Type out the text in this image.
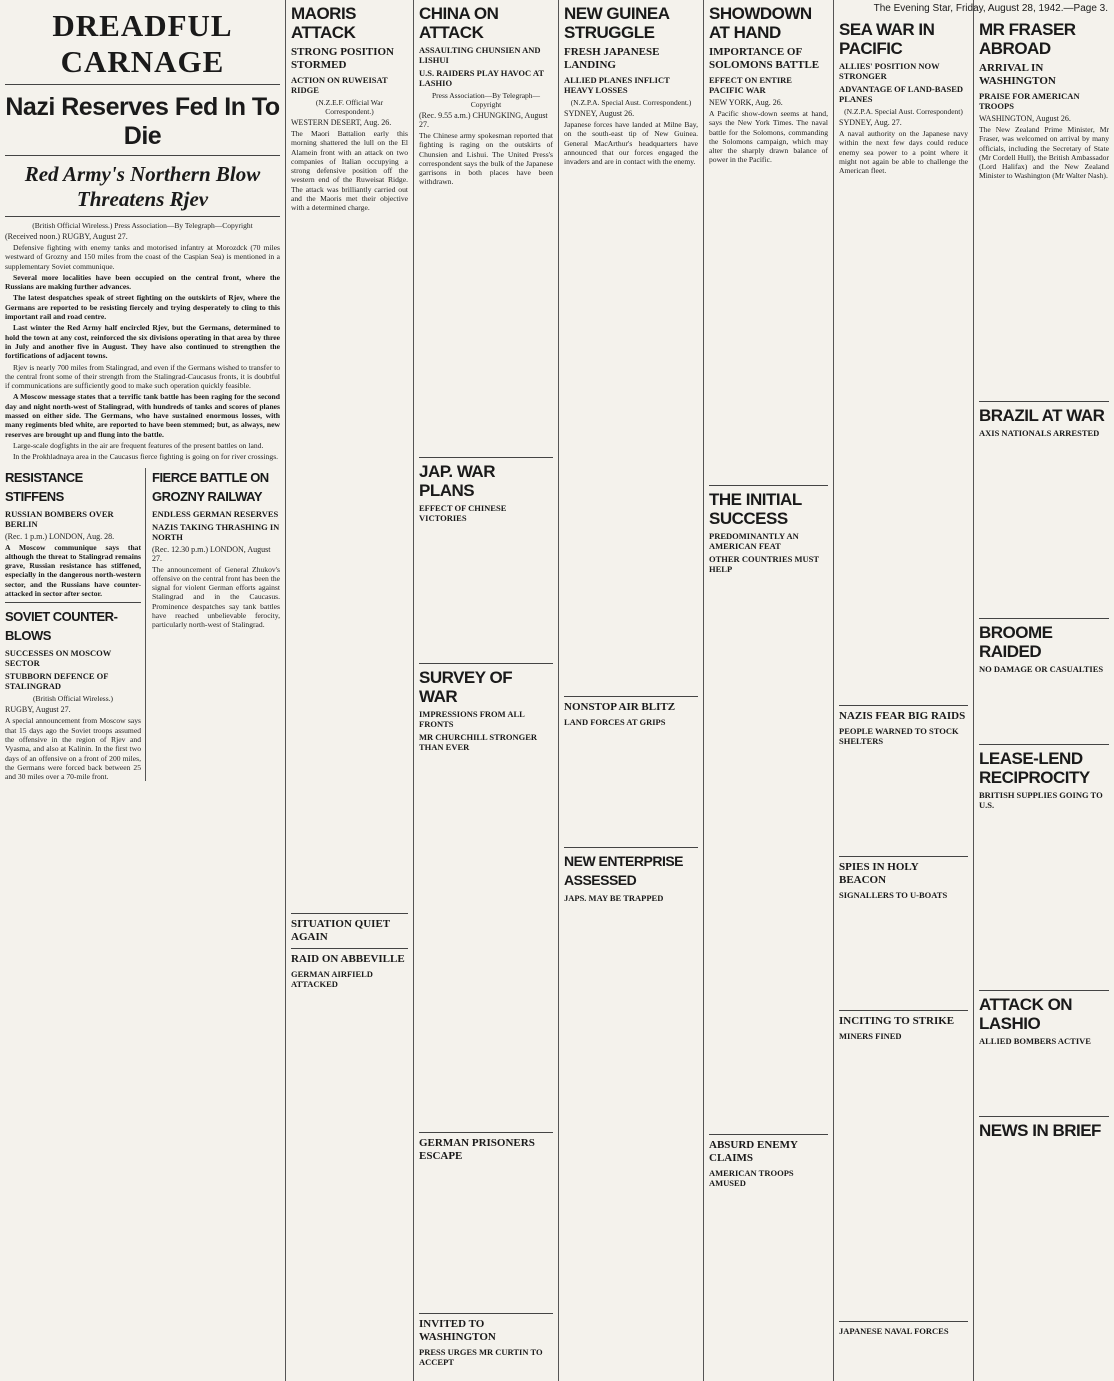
DREADFUL CARNAGE
Nazi Reserves Fed In To Die
Red Army's Northern Blow Threatens Rjev
(British Official Wireless.) Press Association—By Telegraph—Copyright
(Received noon.) RUGBY, August 27.

Defensive fighting with enemy tanks and motorised infantry at Morozdck (70 miles westward of Grozny and 150 miles from the coast of the Caspian Sea) is mentioned in a supplementary Soviet communique.

Several more localities have been occupied on the central front, where the Russians are making further advances.

The latest despatches speak of street fighting on the outskirts of Rjev, where the Germans are reported to be resisting fiercely and trying desperately to cling to this important rail and road centre.

Last winter the Red Army half encircled Rjev, but the Germans, determined to hold the town at any cost, reinforced the six divisions operating in that area by three in July and another five in August. They have also continued to strengthen the fortifications of adjacent towns.

Rjev is nearly 700 miles from Stalingrad, and even if the Germans wished to transfer to the central front some of their strength from the Stalingrad-Caucasus fronts, it is doubtful if communications are sufficiently good to make such operation quickly feasible.

A Moscow message states that a terrific tank battle has been raging for the second day and night north-west of Stalingrad, with hundreds of tanks and scores of planes massed on either side. The Germans, who have sustained enormous losses, with many regiments bled white, are reported to have been stemmed; but, as always, new reserves are brought up and flung into the battle.

Large-scale dogfights in the air are frequent features of the present battles on land.

In the Prokhladnaya area in the Caucasus fierce fighting is going on for river crossings.

RESISTANCE STIFFENS
RUSSIAN BOMBERS OVER BERLIN
(Rec. 1 p.m.) LONDON, Aug. 28.
A Moscow communique says that although the threat to Stalingrad remains grave, Russian resistance has stiffened, especially in the dangerous north-western sector, and the Russians have counter-attacked in sector after sector.
SOVIET COUNTER-BLOWS
SUCCESSES ON MOSCOW SECTOR
STUBBORN DEFENCE OF STALINGRAD
(British Official Wireless.)
RUGBY, August 27.
A special announcement from Moscow says that 15 days ago the Soviet troops assumed the offensive in the region of Rjev and Vyasma, and also at Kalinin. In the first two days of an offensive on a front of 200 miles, the Germans were forced back between 25 and 30 miles over a 70-mile front.
FIERCE BATTLE ON GROZNY RAILWAY
ENDLESS GERMAN RESERVES
NAZIS TAKING THRASHING IN NORTH
(Rec. 12.30 p.m.) LONDON, August 27.
The announcement of General Zhukov's offensive on the central front has been the signal for violent German efforts against Stalingrad and in the Caucasus. Prominence despatches say tank battles have reached unbelievable ferocity, particularly north-west of Stalingrad.
MAORIS ATTACK
STRONG POSITION STORMED
ACTION ON RUWEISAT RIDGE
(N.Z.E.F. Official War Correspondent.)
WESTERN DESERT, Aug. 26.
The Maori Battalion early this morning shattered the lull on the El Alamein front with an attack on two companies of Italian occupying a strong defensive position off the western end of the Ruweisat Ridge. The attack was brilliantly carried out and the Maoris met their objective with a determined charge.
SITUATION QUIET AGAIN
RAID ON ABBEVILLE
GERMAN AIRFIELD ATTACKED
CHINA ON ATTACK
ASSAULTING CHUNSIEN AND LISHUI
U.S. RAIDERS PLAY HAVOC AT LASHIO
Press Association—By Telegraph—Copyright
(Rec. 9.55 a.m.) CHUNGKING, August 27.
The Chinese army spokesman reported that fighting is raging on the outskirts of Chunsien and Lishui. The United Press's correspondent says the bulk of the Japanese garrisons in both places have been withdrawn.
JAP. WAR PLANS
EFFECT OF CHINESE VICTORIES
SURVEY OF WAR
IMPRESSIONS FROM ALL FRONTS
MR CHURCHILL STRONGER THAN EVER
GERMAN PRISONERS ESCAPE
INVITED TO WASHINGTON
PRESS URGES MR CURTIN TO ACCEPT
NEW GUINEA STRUGGLE
FRESH JAPANESE LANDING
ALLIED PLANES INFLICT HEAVY LOSSES
(N.Z.P.A. Special Aust. Correspondent.)
SYDNEY, August 26.
Japanese forces have landed at Milne Bay, on the south-east tip of New Guinea. General MacArthur's headquarters have announced that our forces engaged the invaders and are in contact with the enemy.
NONSTOP AIR BLITZ
LAND FORCES AT GRIPS
NEW ENTERPRISE ASSESSED
JAPS. MAY BE TRAPPED
SHOWDOWN AT HAND
IMPORTANCE OF SOLOMONS BATTLE
EFFECT ON ENTIRE PACIFIC WAR
NEW YORK, Aug. 26.
A Pacific show-down seems at hand, says the New York Times. The naval battle for the Solomons, commanding the Solomons campaign, which may alter the sharply drawn balance of power in the Pacific.
THE INITIAL SUCCESS
PREDOMINANTLY AN AMERICAN FEAT
OTHER COUNTRIES MUST HELP
ABSURD ENEMY CLAIMS
AMERICAN TROOPS AMUSED
The Evening Star, Friday, August 28, 1942.—Page 3.
SEA WAR IN PACIFIC
ALLIES' POSITION NOW STRONGER
ADVANTAGE OF LAND-BASED PLANES
(N.Z.P.A. Special Aust. Correspondent)
SYDNEY, Aug. 27.
A naval authority on the Japanese navy within the next few days could reduce enemy sea power to a point where it might not again be able to challenge the American fleet.
NAZIS FEAR BIG RAIDS
PEOPLE WARNED TO STOCK SHELTERS
SPIES IN HOLY BEACON
SIGNALLERS TO U-BOATS
INCITING TO STRIKE
MINERS FINED
JAPANESE NAVAL FORCES
MR FRASER ABROAD
ARRIVAL IN WASHINGTON
PRAISE FOR AMERICAN TROOPS
WASHINGTON, August 26.
The New Zealand Prime Minister, Mr Fraser, was welcomed on arrival by many officials, including the Secretary of State (Mr Cordell Hull), the British Ambassador (Lord Halifax) and the New Zealand Minister to Washington (Mr Walter Nash).
BRAZIL AT WAR
AXIS NATIONALS ARRESTED
BROOME RAIDED
NO DAMAGE OR CASUALTIES
LEASE-LEND RECIPROCITY
BRITISH SUPPLIES GOING TO U.S.
ATTACK ON LASHIO
ALLIED BOMBERS ACTIVE
NEWS IN BRIEF
